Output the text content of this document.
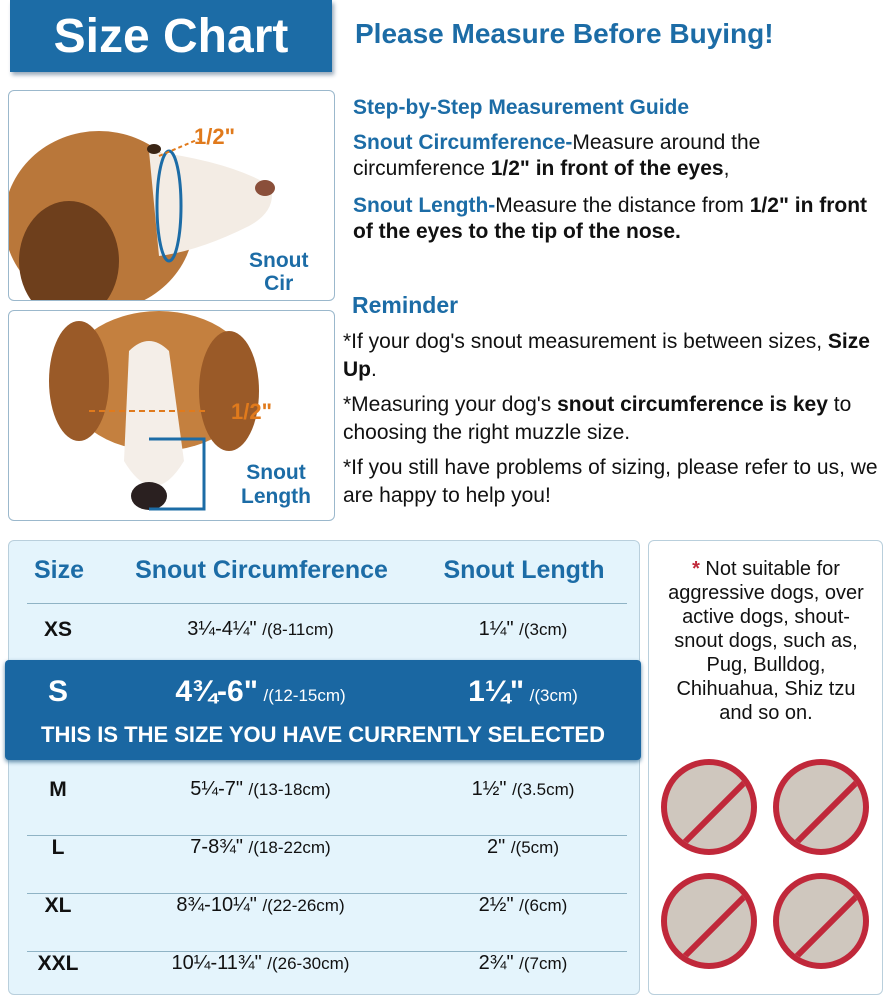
Size Chart	Please Measure Before Buying!
1/2"
Snout
Cir
1/2"
Snout
Length
Step-by-Step Measurement Guide
Snout Circumference-Measure around the circumference 1/2" in front of the eyes,
Snout Length-Measure the distance from 1/2" in front of the eyes to the tip of the nose.
Reminder
*If your dog's snout measurement is between sizes, Size Up.
*Measuring your dog's snout circumference is key to choosing the right muzzle size.
*If you still have problems of sizing, please refer to us, we are happy to help you!
Size	Snout Circumference	Snout Length
XS	3¼-4¼" /(8-11cm)	1¼" /(3cm)
S	4¾-6" /(12-15cm)	1¼" /(3cm)
M	5¼-7" /(13-18cm)	1½" /(3.5cm)
L	7-8¾" /(18-22cm)	2" /(5cm)
XL	8¾-10¼" /(22-26cm)	2½" /(6cm)
XXL	10¼-11¾" /(26-30cm)	2¾" /(7cm)
THIS IS THE SIZE YOU HAVE CURRENTLY SELECTED
* Not suitable for aggressive dogs, over active dogs, shout-snout dogs, such as, Pug, Bulldog, Chihuahua, Shiz tzu and so on.
